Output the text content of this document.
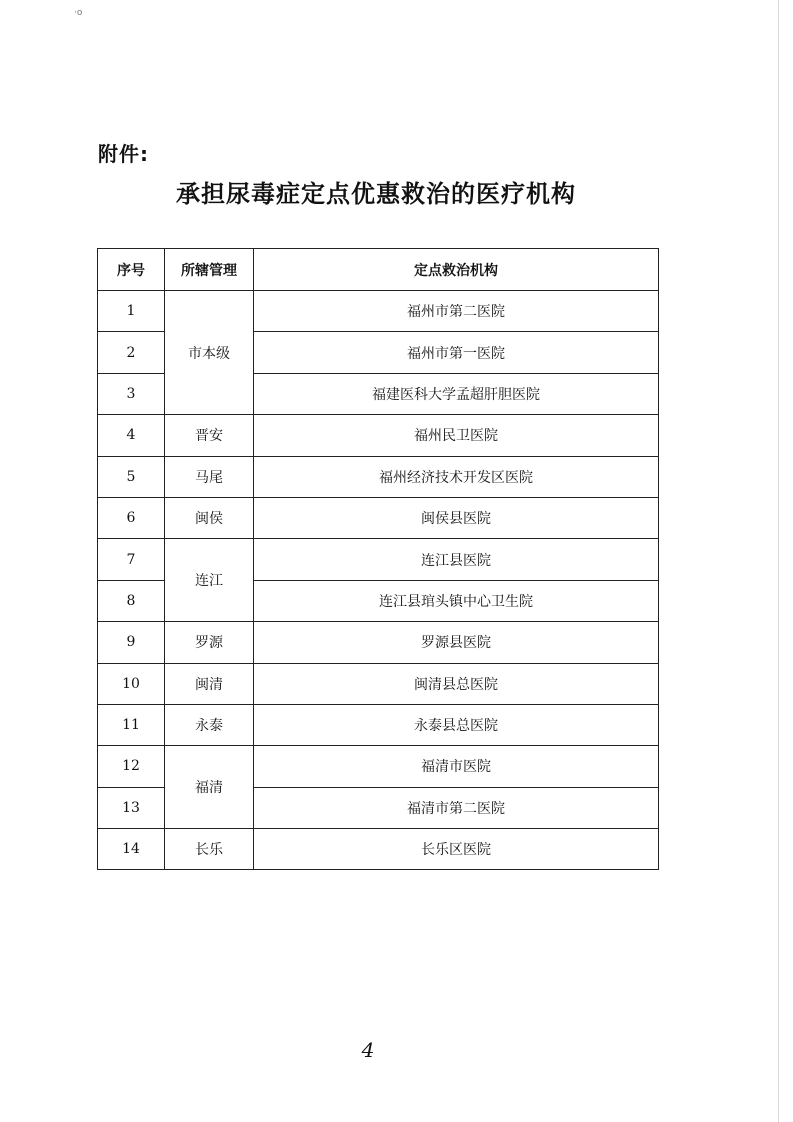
·o
附件:
承担尿毒症定点优惠救治的医疗机构
序号	所辖管理	定点救治机构
1	市本级	福州市第二医院
2		福州市第一医院
3		福建医科大学孟超肝胆医院
4	晋安	福州民卫医院
5	马尾	福州经济技术开发区医院
6	闽侯	闽侯县医院
7	连江	连江县医院
8		连江县琯头镇中心卫生院
9	罗源	罗源县医院
10	闽清	闽清县总医院
11	永泰	永泰县总医院
12	福清	福清市医院
13		福清市第二医院
14	长乐	长乐区医院
4
